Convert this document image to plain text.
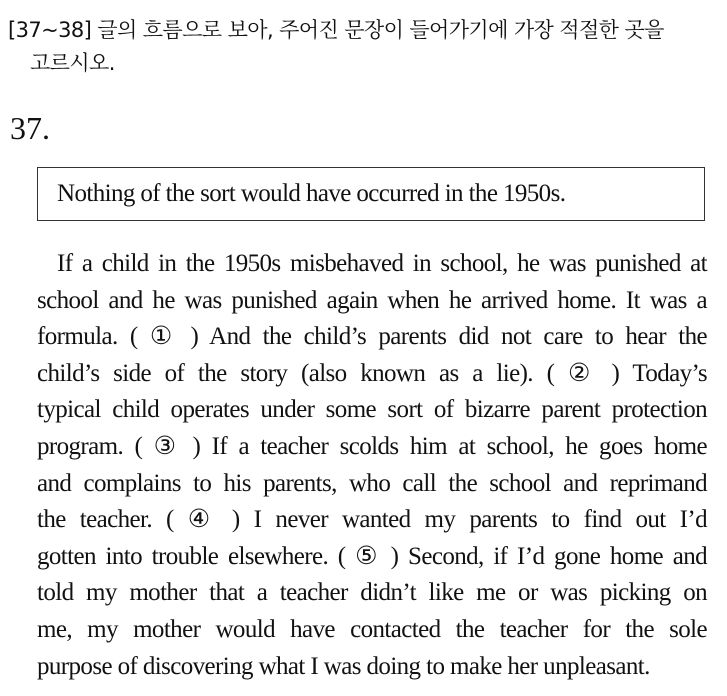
[37~38] 글의 흐름으로 보아, 주어진 문장이 들어가기에 가장 적절한 곳을
고르시오.
37.
Nothing of the sort would have occurred in the 1950s.
If a child in the 1950s misbehaved in school, he was punished at
school and he was punished again when he arrived home. It was a
formula. ( ① ) And the child’s parents did not care to hear the
child’s side of the story (also known as a lie). ( ② ) Today’s
typical child operates under some sort of bizarre parent protection
program. ( ③ ) If a teacher scolds him at school, he goes home
and complains to his parents, who call the school and reprimand
the teacher. ( ④ ) I never wanted my parents to find out I’d
gotten into trouble elsewhere. ( ⑤ ) Second, if I’d gone home and
told my mother that a teacher didn’t like me or was picking on
me, my mother would have contacted the teacher for the sole
purpose of discovering what I was doing to make her unpleasant.
